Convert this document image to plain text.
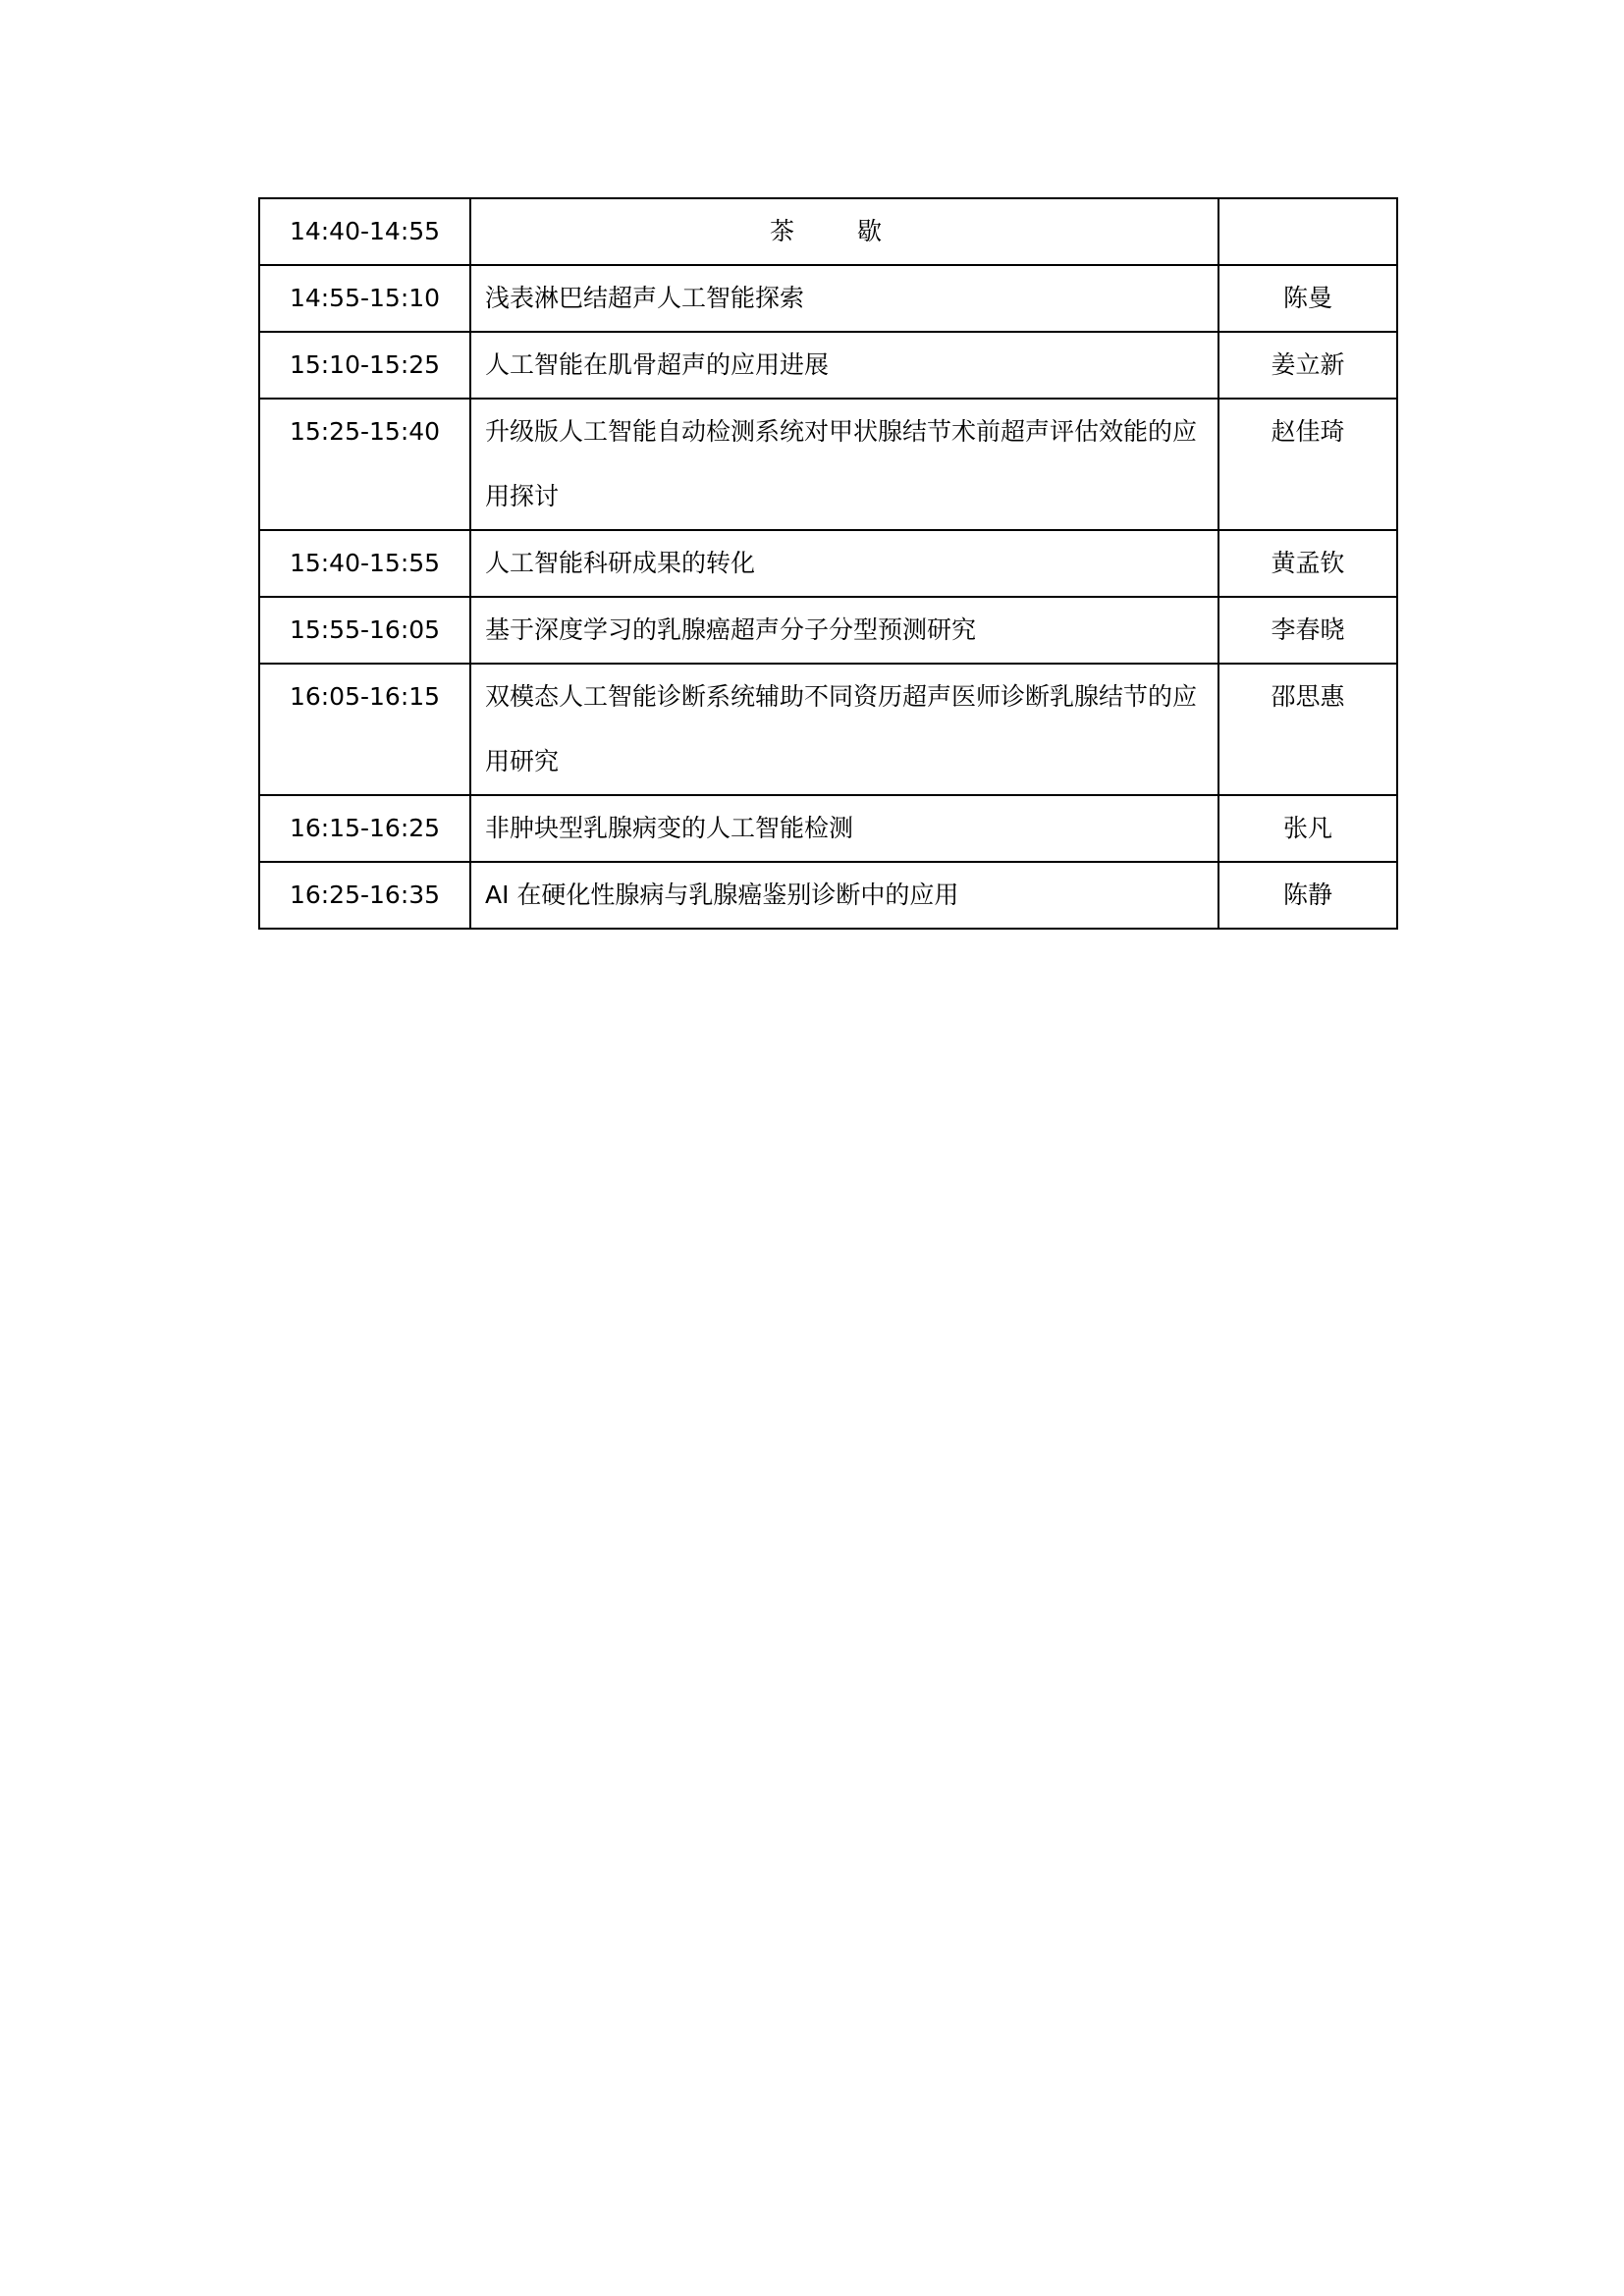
14:40-14:55	茶 歇	
14:55-15:10	浅表淋巴结超声人工智能探索	陈曼
15:10-15:25	人工智能在肌骨超声的应用进展	姜立新
15:25-15:40	升级版人工智能自动检测系统对甲状腺结节术前超声评估效能的应用探讨	赵佳琦
15:40-15:55	人工智能科研成果的转化	黄孟钦
15:55-16:05	基于深度学习的乳腺癌超声分子分型预测研究	李春晓
16:05-16:15	双模态人工智能诊断系统辅助不同资历超声医师诊断乳腺结节的应用研究	邵思惠
16:15-16:25	非肿块型乳腺病变的人工智能检测	张凡
16:25-16:35	AI 在硬化性腺病与乳腺癌鉴别诊断中的应用	陈静
